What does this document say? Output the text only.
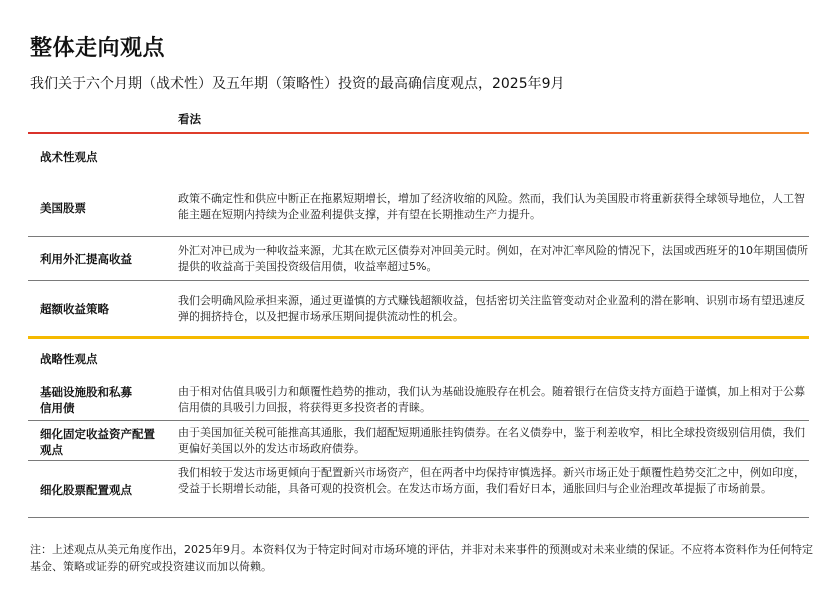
整体走向观点
我们关于六个月期（战术性）及五年期（策略性）投资的最高确信度观点，2025年9月
看法
战术性观点
美国股票
政策不确定性和供应中断正在拖累短期增长，增加了经济收缩的风险。然而，我们认为美国股市将重新获得全球领导地位，人工智能主题在短期内持续为企业盈利提供支撑，并有望在长期推动生产力提升。
利用外汇提高收益
外汇对冲已成为一种收益来源，尤其在欧元区债券对冲回美元时。例如，在对冲汇率风险的情况下，法国或西班牙的10年期国债所提供的收益高于美国投资级信用债，收益率超过5%。
超额收益策略
我们会明确风险承担来源，通过更谨慎的方式赚钱超额收益，包括密切关注监管变动对企业盈利的潜在影响、识别市场有望迅速反弹的拥挤持仓，以及把握市场承压期间提供流动性的机会。
战略性观点
基础设施股和私募信用债
由于相对估值具吸引力和颠覆性趋势的推动，我们认为基础设施股存在机会。随着银行在信贷支持方面趋于谨慎，加上相对于公募信用债的具吸引力回报，将获得更多投资者的青睐。
细化固定收益资产配置观点
由于美国加征关税可能推高其通胀，我们超配短期通胀挂钩债券。在名义债券中，鉴于利差收窄，相比全球投资级别信用债，我们更偏好美国以外的发达市场政府债券。
细化股票配置观点
我们相较于发达市场更倾向于配置新兴市场资产，但在两者中均保持审慎选择。新兴市场正处于颠覆性趋势交汇之中，例如印度，受益于长期增长动能，具备可观的投资机会。在发达市场方面，我们看好日本，通胀回归与企业治理改革提振了市场前景。
注：上述观点从美元角度作出，2025年9月。本资料仅为于特定时间对市场环境的评估，并非对未来事件的预测或对未来业绩的保证。不应将本资料作为任何特定基金、策略或证券的研究或投资建议而加以倚赖。
